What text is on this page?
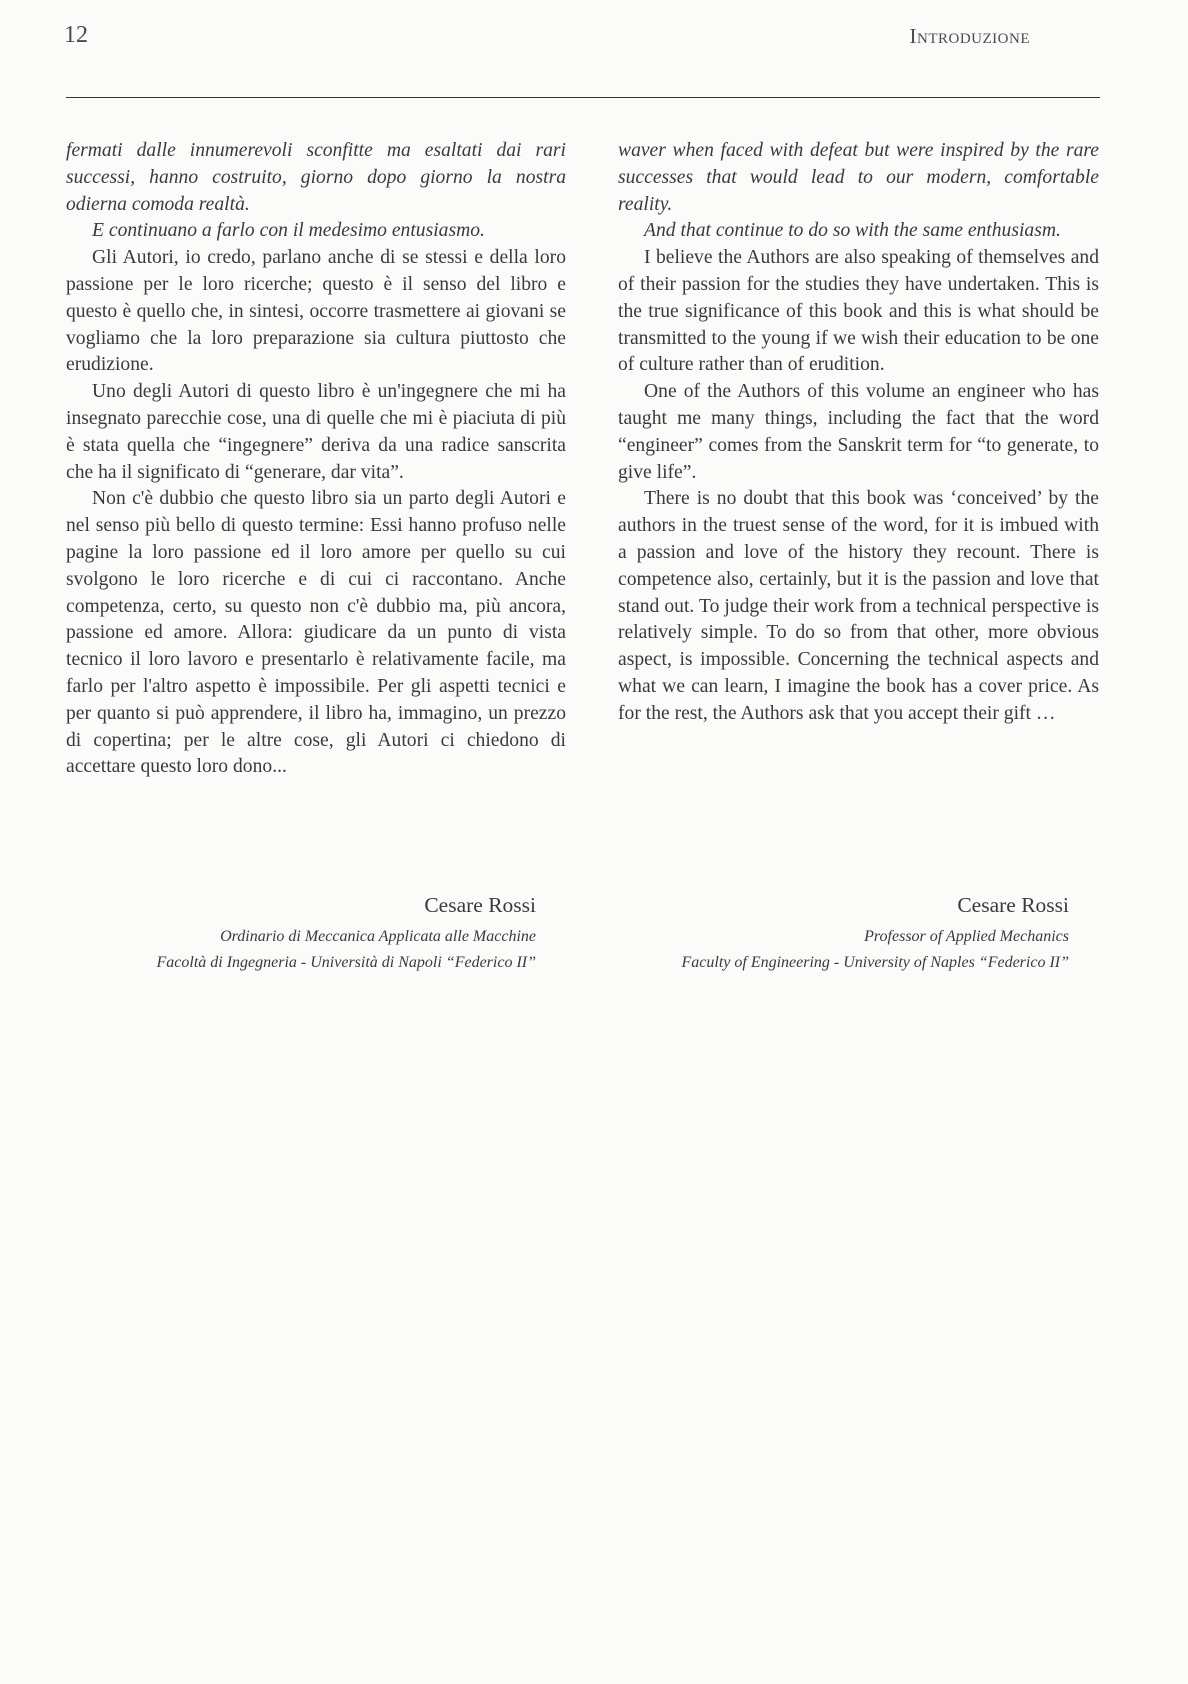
12	Introduzione

fermati dalle innumerevoli sconfitte ma esaltati dai rari successi, hanno costruito, giorno dopo giorno la nostra odierna comoda realtà.

E continuano a farlo con il medesimo entusiasmo.

Gli Autori, io credo, parlano anche di se stessi e della loro passione per le loro ricerche; questo è il senso del libro e questo è quello che, in sintesi, occorre trasmettere ai giovani se vogliamo che la loro preparazione sia cultura piuttosto che erudizione.

Uno degli Autori di questo libro è un'ingegnere che mi ha insegnato parecchie cose, una di quelle che mi è piaciuta di più è stata quella che “ingegnere” deriva da una radice sanscrita che ha il significato di “generare, dar vita”.

Non c'è dubbio che questo libro sia un parto degli Autori e nel senso più bello di questo termine: Essi hanno profuso nelle pagine la loro passione ed il loro amore per quello su cui svolgono le loro ricerche e di cui ci raccontano. Anche competenza, certo, su questo non c'è dubbio ma, più ancora, passione ed amore. Allora: giudicare da un punto di vista tecnico il loro lavoro e presentarlo è relativamente facile, ma farlo per l'altro aspetto è impossibile. Per gli aspetti tecnici e per quanto si può apprendere, il libro ha, immagino, un prezzo di copertina; per le altre cose, gli Autori ci chiedono di accettare questo loro dono...

waver when faced with defeat but were inspired by the rare successes that would lead to our modern, comfortable reality.

And that continue to do so with the same enthusiasm.

I believe the Authors are also speaking of themselves and of their passion for the studies they have undertaken. This is the true significance of this book and this is what should be transmitted to the young if we wish their education to be one of culture rather than of erudition.

One of the Authors of this volume an engineer who has taught me many things, including the fact that the word “engineer” comes from the Sanskrit term for “to generate, to give life”.

There is no doubt that this book was ‘conceived’ by the authors in the truest sense of the word, for it is imbued with a passion and love of the history they recount. There is competence also, certainly, but it is the passion and love that stand out. To judge their work from a technical perspective is relatively simple. To do so from that other, more obvious aspect, is impossible. Concerning the technical aspects and what we can learn, I imagine the book has a cover price. As for the rest, the Authors ask that you accept their gift …

Cesare Rossi
Ordinario di Meccanica Applicata alle Macchine
Facoltà di Ingegneria - Università di Napoli “Federico II”
Cesare Rossi
Professor of Applied Mechanics
Faculty of Engineering - University of Naples “Federico II”
